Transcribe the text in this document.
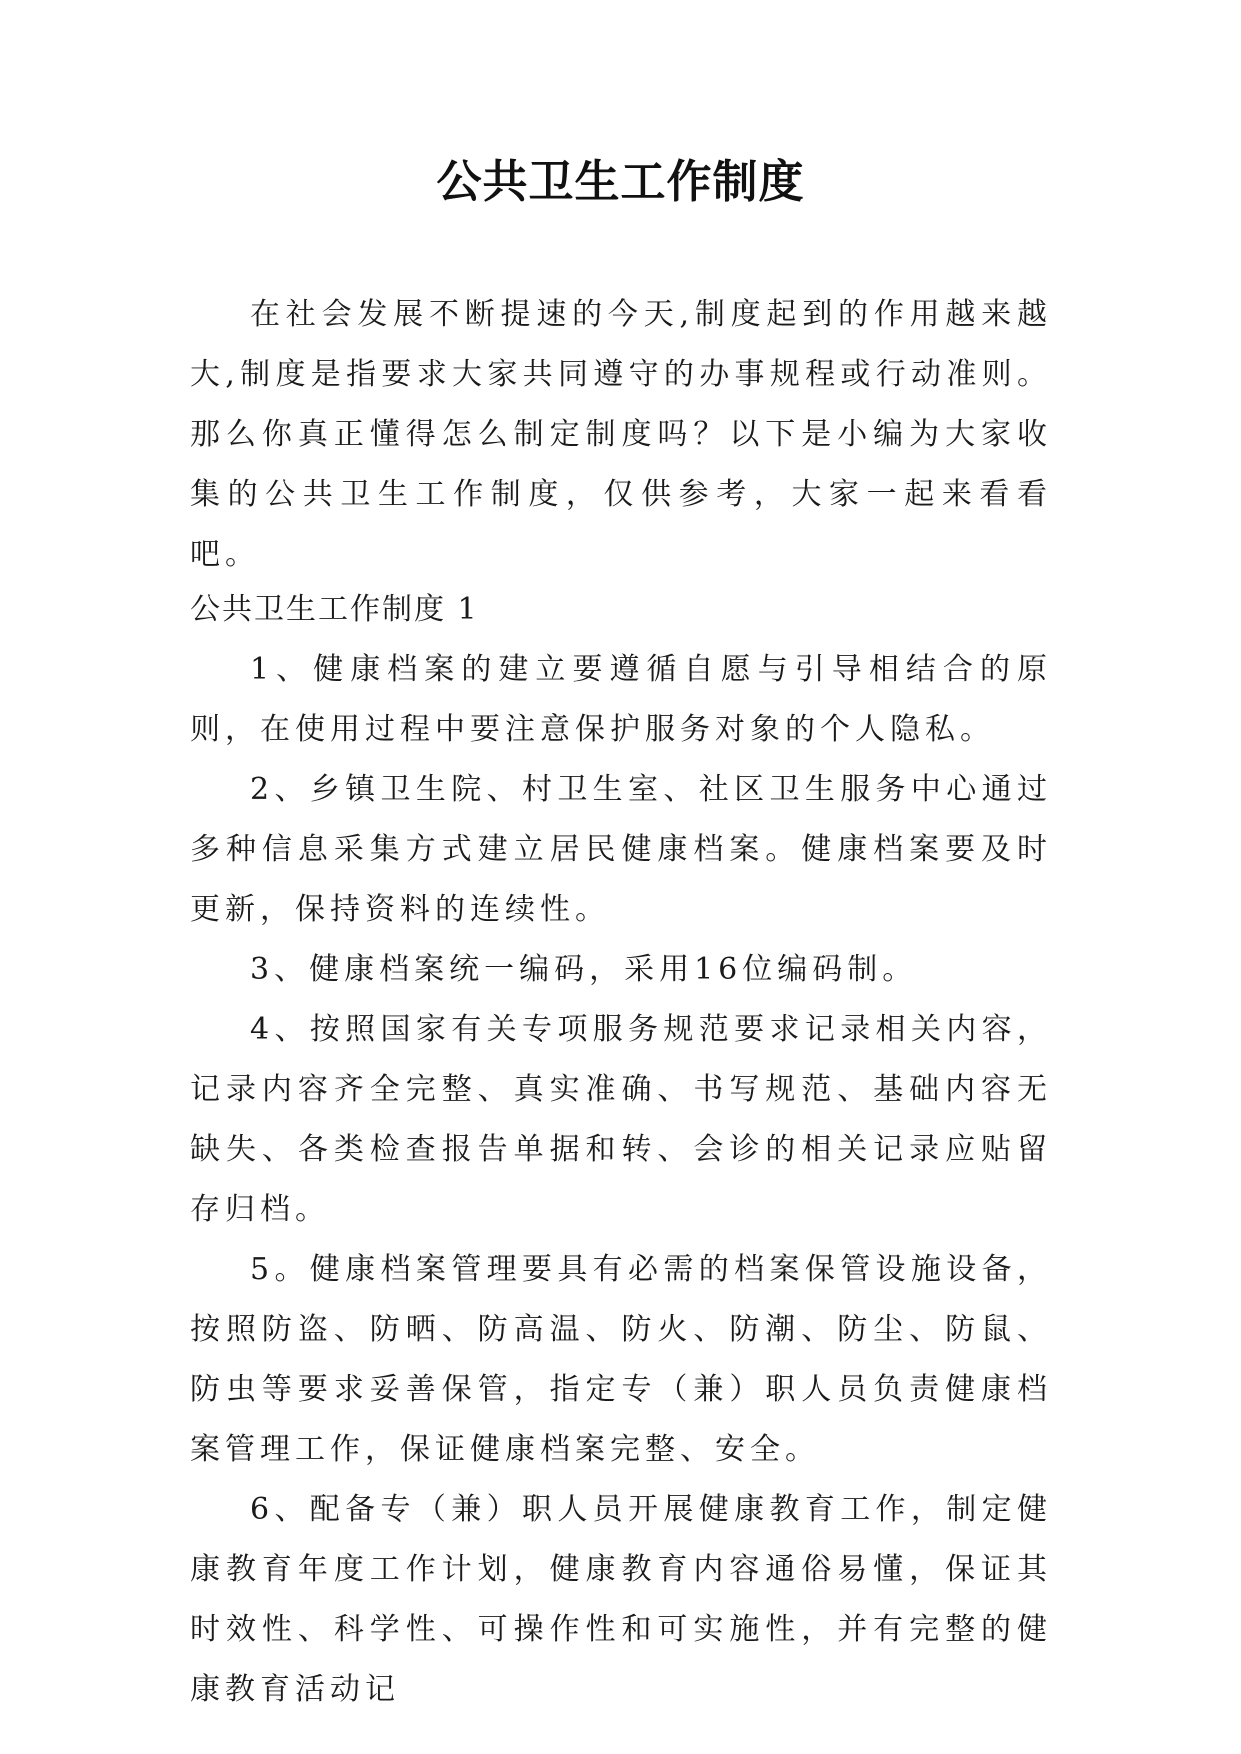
公共卫生工作制度

在社会发展不断提速的今天,制度起到的作用越来越大,制度是指要求大家共同遵守的办事规程或行动准则。那么你真正懂得怎么制定制度吗？以下是小编为大家收集的公共卫生工作制度，仅供参考，大家一起来看看吧。

公共卫生工作制度 1

1、健康档案的建立要遵循自愿与引导相结合的原则，在使用过程中要注意保护服务对象的个人隐私。

2、乡镇卫生院、村卫生室、社区卫生服务中心通过多种信息采集方式建立居民健康档案。健康档案要及时更新，保持资料的连续性。

3、健康档案统一编码，采用16位编码制。

4、按照国家有关专项服务规范要求记录相关内容，记录内容齐全完整、真实准确、书写规范、基础内容无缺失、各类检查报告单据和转、会诊的相关记录应贴留存归档。

5。健康档案管理要具有必需的档案保管设施设备，按照防盗、防晒、防高温、防火、防潮、防尘、防鼠、防虫等要求妥善保管，指定专（兼）职人员负责健康档案管理工作，保证健康档案完整、安全。

6、配备专（兼）职人员开展健康教育工作，制定健康教育年度工作计划，健康教育内容通俗易懂，保证其时效性、科学性、可操作性和可实施性，并有完整的健康教育活动记
